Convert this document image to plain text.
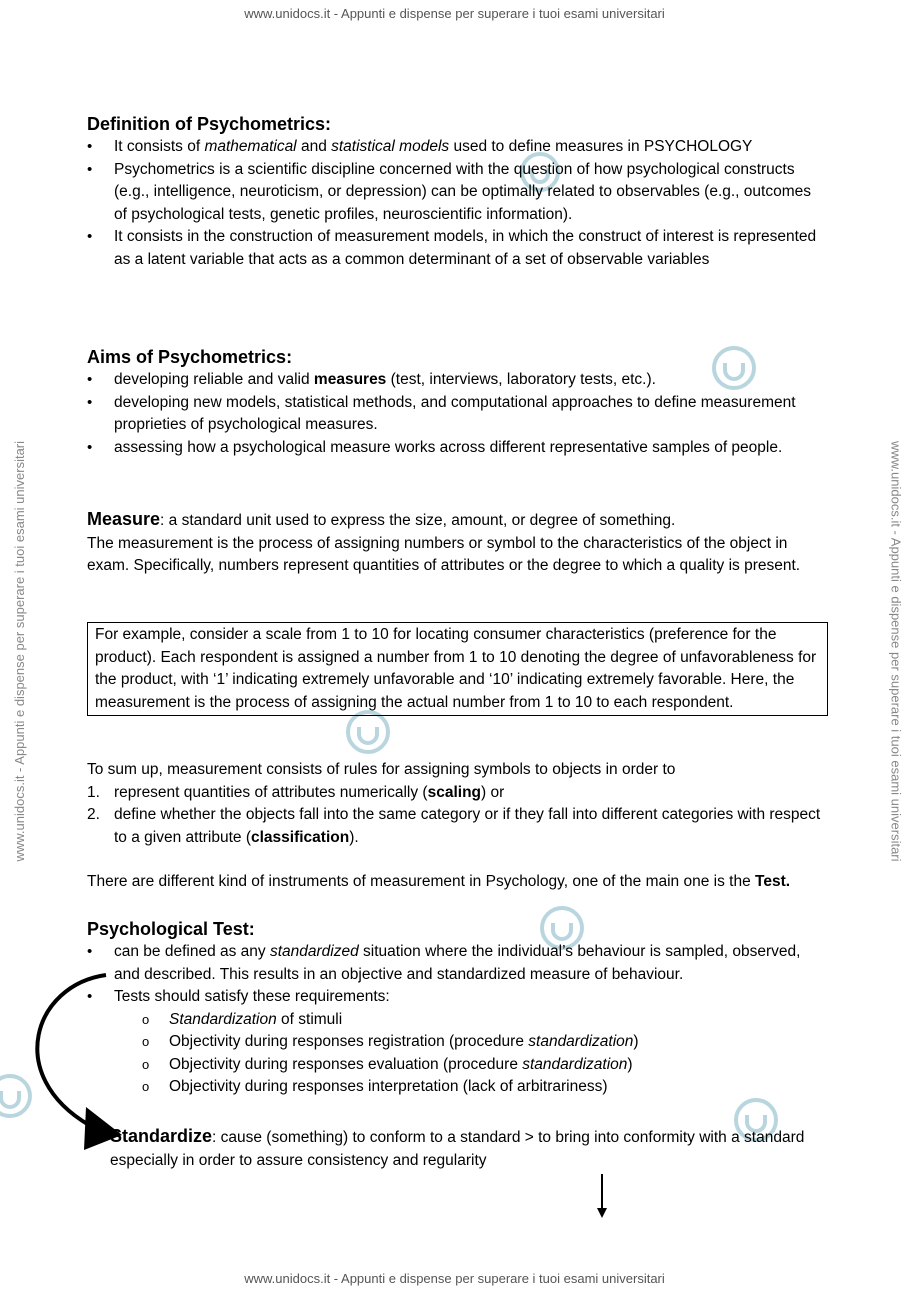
www.unidocs.it - Appunti e dispense per superare i tuoi esami universitari
www.unidocs.it - Appunti e dispense per superare i tuoi esami universitari
www.unidocs.it - Appunti e dispense per superare i tuoi esami universitari	www.unidocs.it - Appunti e dispense per superare i tuoi esami universitari
Definition of Psychometrics:
• It consists of mathematical and statistical models used to define measures in PSYCHOLOGY
• Psychometrics is a scientific discipline concerned with the question of how psychological constructs (e.g., intelligence, neuroticism, or depression) can be optimally related to observables (e.g., outcomes of psychological tests, genetic profiles, neuroscientific information).
• It consists in the construction of measurement models, in which the construct of interest is represented as a latent variable that acts as a common determinant of a set of observable variables
Aims of Psychometrics:
• developing reliable and valid measures (test, interviews, laboratory tests, etc.).
• developing new models, statistical methods, and computational approaches to define measurement proprieties of psychological measures.
• assessing how a psychological measure works across different representative samples of people.
Measure: a standard unit used to express the size, amount, or degree of something.
The measurement is the process of assigning numbers or symbol to the characteristics of the object in exam. Specifically, numbers represent quantities of attributes or the degree to which a quality is present.
For example, consider a scale from 1 to 10 for locating consumer characteristics (preference for the product). Each respondent is assigned a number from 1 to 10 denoting the degree of unfavorableness for the product, with ‘1’ indicating extremely unfavorable and ‘10’ indicating extremely favorable. Here, the measurement is the process of assigning the actual number from 1 to 10 to each respondent.
To sum up, measurement consists of rules for assigning symbols to objects in order to
1. represent quantities of attributes numerically (scaling) or
2. define whether the objects fall into the same category or if they fall into different categories with respect to a given attribute (classification).
There are different kind of instruments of measurement in Psychology, one of the main one is the Test.
Psychological Test:
• can be defined as any standardized situation where the individual’s behaviour is sampled, observed, and described. This results in an objective and standardized measure of behaviour.
• Tests should satisfy these requirements:
o Standardization of stimuli
o Objectivity during responses registration (procedure standardization)
o Objectivity during responses evaluation (procedure standardization)
o Objectivity during responses interpretation (lack of arbitrariness)
Standardize: cause (something) to conform to a standard > to bring into conformity with a standard especially in order to assure consistency and regularity
